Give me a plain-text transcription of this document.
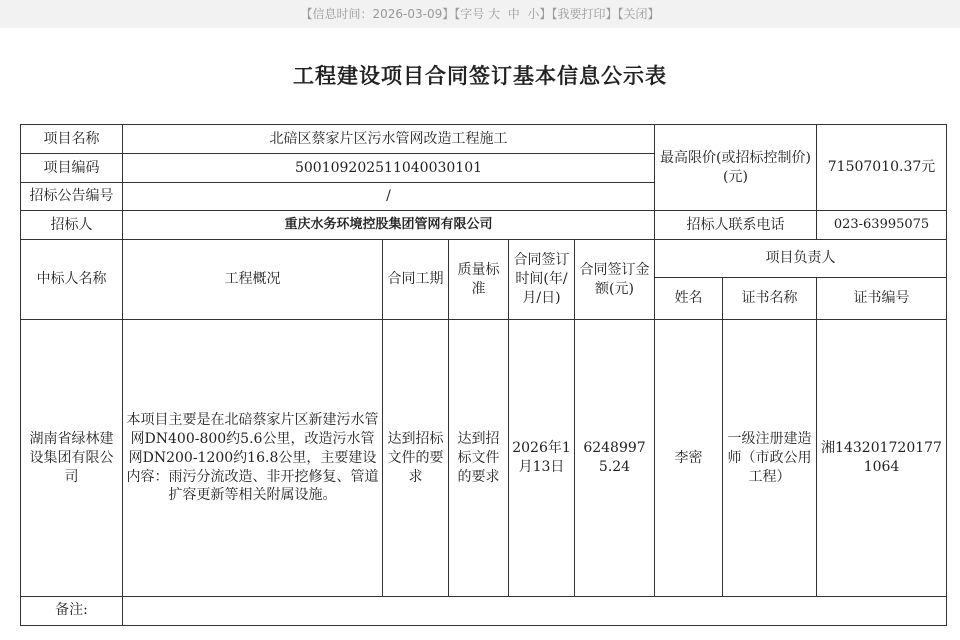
【信息时间：2026-03-09】【字号 大 中 小】【我要打印】【关闭】
工程建设项目合同签订基本信息公示表
项目名称	北碚区蔡家片区污水管网改造工程施工					最高限价(或招标控制价)(元)		71507010.37元
项目编码	500109202511040030101							
招标公告编号	/							
招标人	重庆水务环境控股集团管网有限公司					招标人联系电话		023-63995075
中标人名称	工程概况	合同工期	质量标准	合同签订时间(年/月/日)	合同签订金额(元)	项目负责人		
						姓名	证书名称	证书编号
湖南省绿林建设集团有限公司	本项目主要是在北碚蔡家片区新建污水管网DN400-800约5.6公里，改造污水管网DN200-1200约16.8公里，主要建设内容：雨污分流改造、非开挖修复、管道扩容更新等相关附属设施。	达到招标文件的要求	达到招标文件的要求	2026年1月13日	62489975.24	李密	一级注册建造师（市政公用工程）	湘1432017201771064
备注:								
